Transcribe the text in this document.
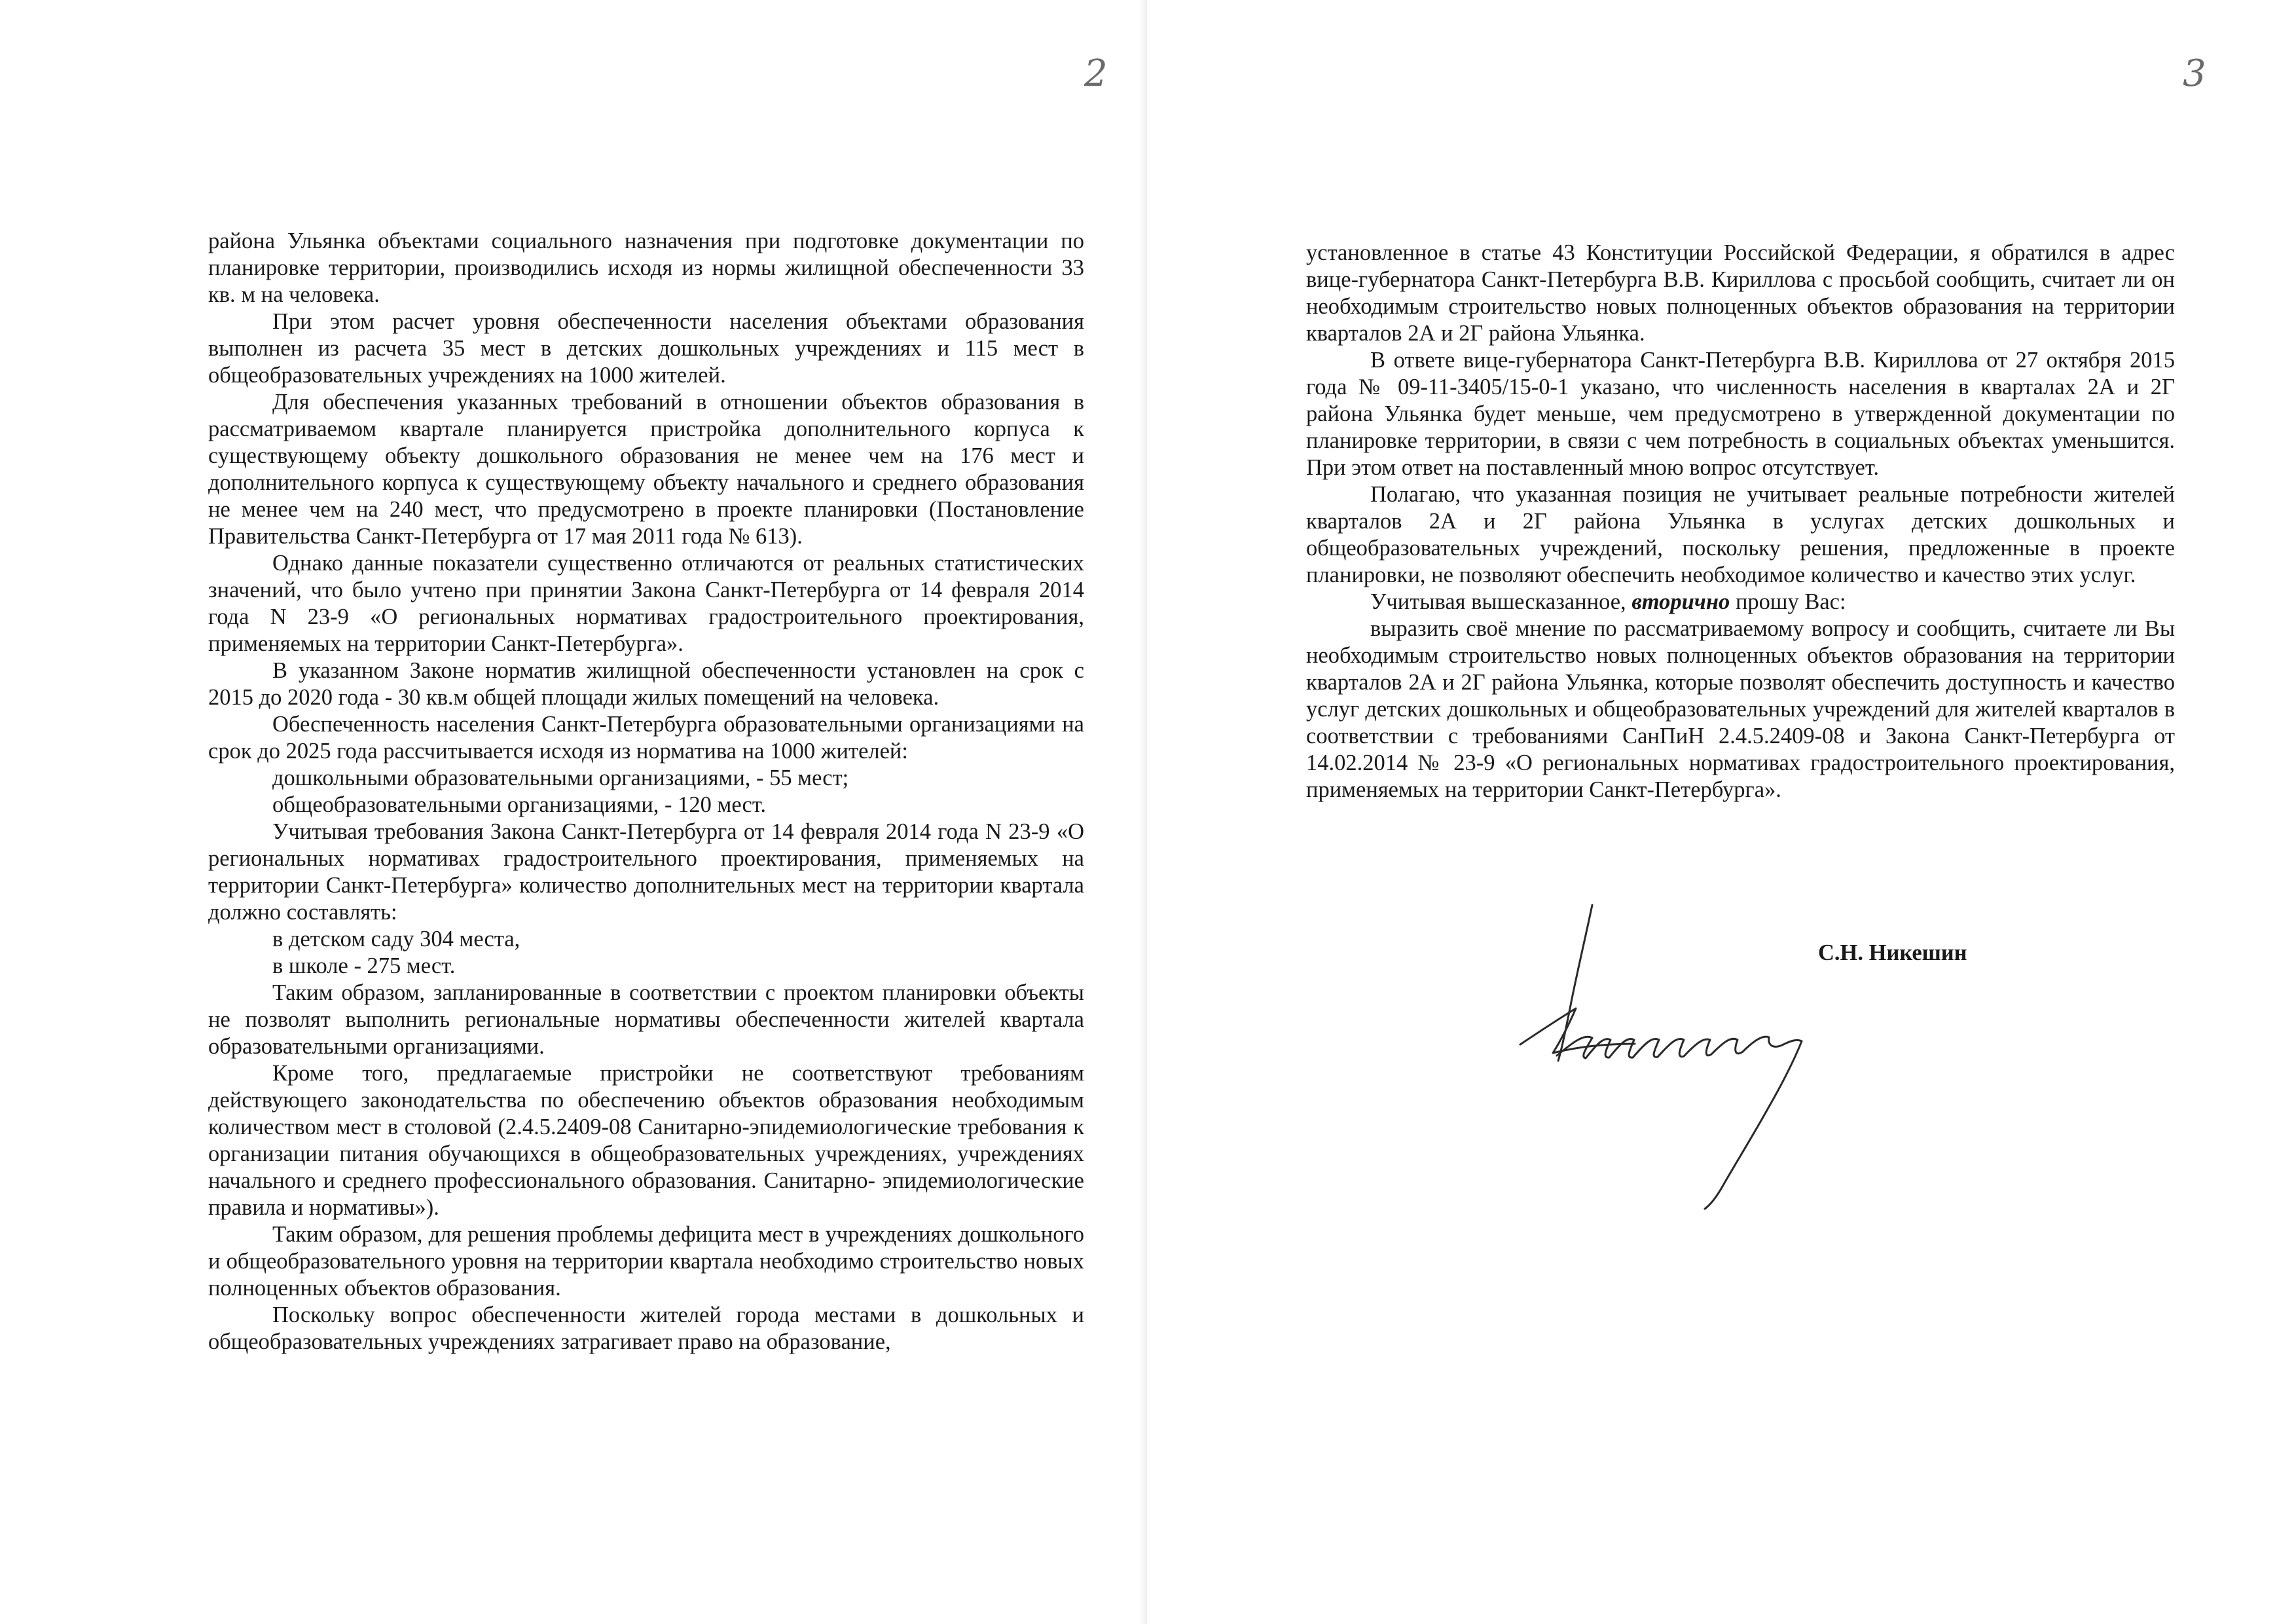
2

района Ульянка объектами социального назначения при подготовке документации по планировке территории, производились исходя из нормы жилищной обеспеченности 33 кв. м на человека.

При этом расчет уровня обеспеченности населения объектами образования выполнен из расчета 35 мест в детских дошкольных учреждениях и 115 мест в общеобразовательных учреждениях на 1000 жителей.

Для обеспечения указанных требований в отношении объектов образования в рассматриваемом квартале планируется пристройка дополнительного корпуса к существующему объекту дошкольного образования не менее чем на 176 мест и дополнительного корпуса к существующему объекту начального и среднего образования не менее чем на 240 мест, что предусмотрено в проекте планировки (Постановление Правительства Санкт-Петербурга от 17 мая 2011 года № 613).

Однако данные показатели существенно отличаются от реальных статистических значений, что было учтено при принятии Закона Санкт-Петербурга от 14 февраля 2014 года N 23-9 «О региональных нормативах градостроительного проектирования, применяемых на территории Санкт-Петербурга».

В указанном Законе норматив жилищной обеспеченности установлен на срок с 2015 до 2020 года - 30 кв.м общей площади жилых помещений на человека.

Обеспеченность населения Санкт-Петербурга образовательными организациями на срок до 2025 года рассчитывается исходя из норматива на 1000 жителей:

дошкольными образовательными организациями, - 55 мест;

общеобразовательными организациями, - 120 мест.

Учитывая требования Закона Санкт-Петербурга от 14 февраля 2014 года N 23-9 «О региональных нормативах градостроительного проектирования, применяемых на территории Санкт-Петербурга» количество дополнительных мест на территории квартала должно составлять:

в детском саду 304 места,

в школе - 275 мест.

Таким образом, запланированные в соответствии с проектом планировки объекты не позволят выполнить региональные нормативы обеспеченности жителей квартала образовательными организациями.

Кроме того, предлагаемые пристройки не соответствуют требованиям действующего законодательства по обеспечению объектов образования необходимым количеством мест в столовой (2.4.5.2409-08 Санитарно-эпидемиологические требования к организации питания обучающихся в общеобразовательных учреждениях, учреждениях начального и среднего профессионального образования. Санитарно- эпидемиологические правила и нормативы»).

Таким образом, для решения проблемы дефицита мест в учреждениях дошкольного и общеобразовательного уровня на территории квартала необходимо строительство новых полноценных объектов образования.

Поскольку вопрос обеспеченности жителей города местами в дошкольных и общеобразовательных учреждениях затрагивает право на образование,

3

установленное в статье 43 Конституции Российской Федерации, я обратился в адрес вице-губернатора Санкт-Петербурга В.В. Кириллова с просьбой сообщить, считает ли он необходимым строительство новых полноценных объектов образования на территории кварталов 2А и 2Г района Ульянка.

В ответе вице-губернатора Санкт-Петербурга В.В. Кириллова от 27 октября 2015 года № 09-11-3405/15-0-1 указано, что численность населения в кварталах 2А и 2Г района Ульянка будет меньше, чем предусмотрено в утвержденной документации по планировке территории, в связи с чем потребность в социальных объектах уменьшится. При этом ответ на поставленный мною вопрос отсутствует.

Полагаю, что указанная позиция не учитывает реальные потребности жителей кварталов 2А и 2Г района Ульянка в услугах детских дошкольных и общеобразовательных учреждений, поскольку решения, предложенные в проекте планировки, не позволяют обеспечить необходимое количество и качество этих услуг.

Учитывая вышесказанное, вторично прошу Вас:

выразить своё мнение по рассматриваемому вопросу и сообщить, считаете ли Вы необходимым строительство новых полноценных объектов образования на территории кварталов 2А и 2Г района Ульянка, которые позволят обеспечить доступность и качество услуг детских дошкольных и общеобразовательных учреждений для жителей кварталов в соответствии с требованиями СанПиН 2.4.5.2409-08 и Закона Санкт-Петербурга от 14.02.2014 № 23-9 «О региональных нормативах градостроительного проектирования, применяемых на территории Санкт-Петербурга».

С.Н. Никешин
